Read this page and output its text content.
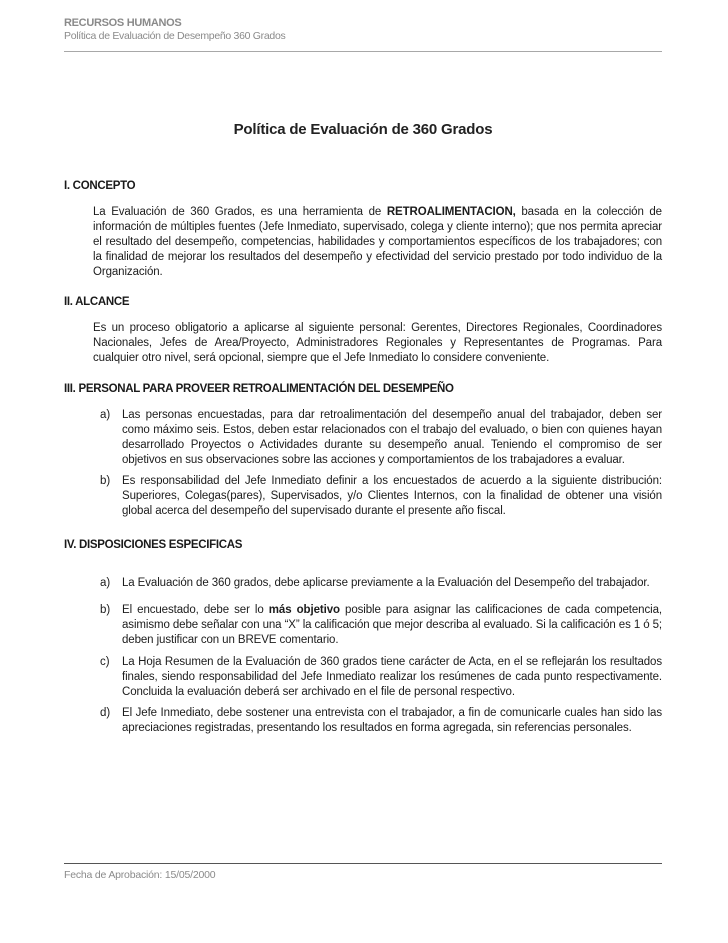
RECURSOS HUMANOS
Política de Evaluación de Desempeño 360 Grados
Política de Evaluación de 360 Grados
I. CONCEPTO
La Evaluación de 360 Grados, es una herramienta de RETROALIMENTACION, basada en la colección de información de múltiples fuentes (Jefe Inmediato, supervisado, colega y cliente interno); que nos permita apreciar el resultado del desempeño, competencias, habilidades y comportamientos específicos de los trabajadores; con la finalidad de mejorar los resultados del desempeño y efectividad del servicio prestado por todo individuo de la Organización.
II. ALCANCE
Es un proceso obligatorio a aplicarse al siguiente personal: Gerentes, Directores Regionales, Coordinadores Nacionales, Jefes de Area/Proyecto, Administradores Regionales y Representantes de Programas. Para cualquier otro nivel, será opcional, siempre que el Jefe Inmediato lo considere conveniente.
III. PERSONAL PARA PROVEER RETROALIMENTACIÓN DEL DESEMPEÑO
a)	Las personas encuestadas, para dar retroalimentación del desempeño anual del trabajador, deben ser como máximo seis. Estos, deben estar relacionados con el trabajo del evaluado, o bien con quienes hayan desarrollado Proyectos o Actividades durante su desempeño anual. Teniendo el compromiso de ser objetivos en sus observaciones sobre las acciones y comportamientos de los trabajadores a evaluar.
b)	Es responsabilidad del Jefe Inmediato definir a los encuestados de acuerdo a la siguiente distribución: Superiores, Colegas(pares), Supervisados, y/o Clientes Internos, con la finalidad de obtener una visión global acerca del desempeño del supervisado durante el presente año fiscal.
IV. DISPOSICIONES ESPECIFICAS
a)	La Evaluación de 360 grados, debe aplicarse previamente a la Evaluación del Desempeño del trabajador.
b)	El encuestado, debe ser lo más objetivo posible para asignar las calificaciones de cada competencia, asimismo debe señalar con una “X” la calificación que mejor describa al evaluado. Si la calificación es 1 ó 5; deben justificar con un BREVE comentario.
c)	La Hoja Resumen de la Evaluación de 360 grados tiene carácter de Acta, en el se reflejarán los resultados finales, siendo responsabilidad del Jefe Inmediato realizar los resúmenes de cada punto respectivamente. Concluida la evaluación deberá ser archivado en el file de personal respectivo.
d)	El Jefe Inmediato, debe sostener una entrevista con el trabajador, a fin de comunicarle cuales han sido las apreciaciones registradas, presentando los resultados en forma agregada, sin referencias personales.
Fecha de Aprobación: 15/05/2000
